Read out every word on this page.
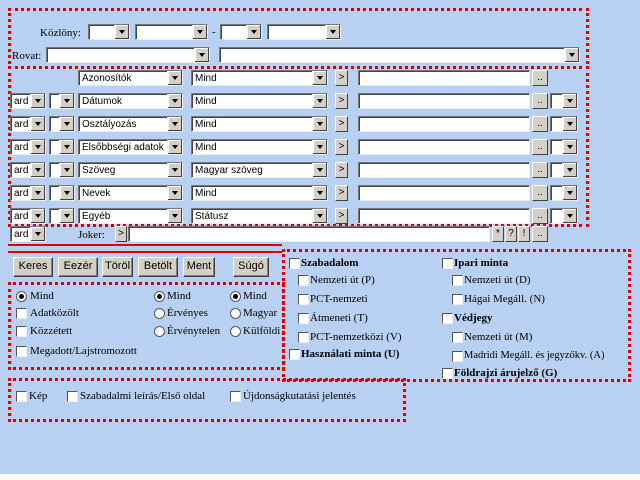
Közlöny:	-
Rovat:
Azonosítók	Mind	>	..
ard	Dátumok	Mind	>	..
ard	Osztályozás	Mind	>	..
ard	Elsőbbségi adatok	Mind	>	..
ard	Szöveg	Magyar szöveg	>	..
ard	Nevek	Mind	>	..
ard	Egyéb	Státusz	>	..
ard	Joker:	>	* ? !	..
Keres	Eezér	Töröl	Betölt	Ment	Súgó
Mind
Adatközölt
Közzétett
Megadott/Lajstromozott
Mind
Érvényes
Érvénytelen
Mind
Magyar
Külföldi
Szabadalom
Nemzeti út (P)
PCT-nemzeti
Átmeneti (T)
PCT-nemzetközi (V)
Használati minta (U)
Ipari minta
Nemzeti út (D)
Hágai Megáll. (N)
Védjegy
Nemzeti út (M)
Madridi Megáll. és jegyzőkv. (A)
Földrajzi árujelző (G)
Kép	Szabadalmi leírás/Első oldal	Újdonságkutatási jelentés
